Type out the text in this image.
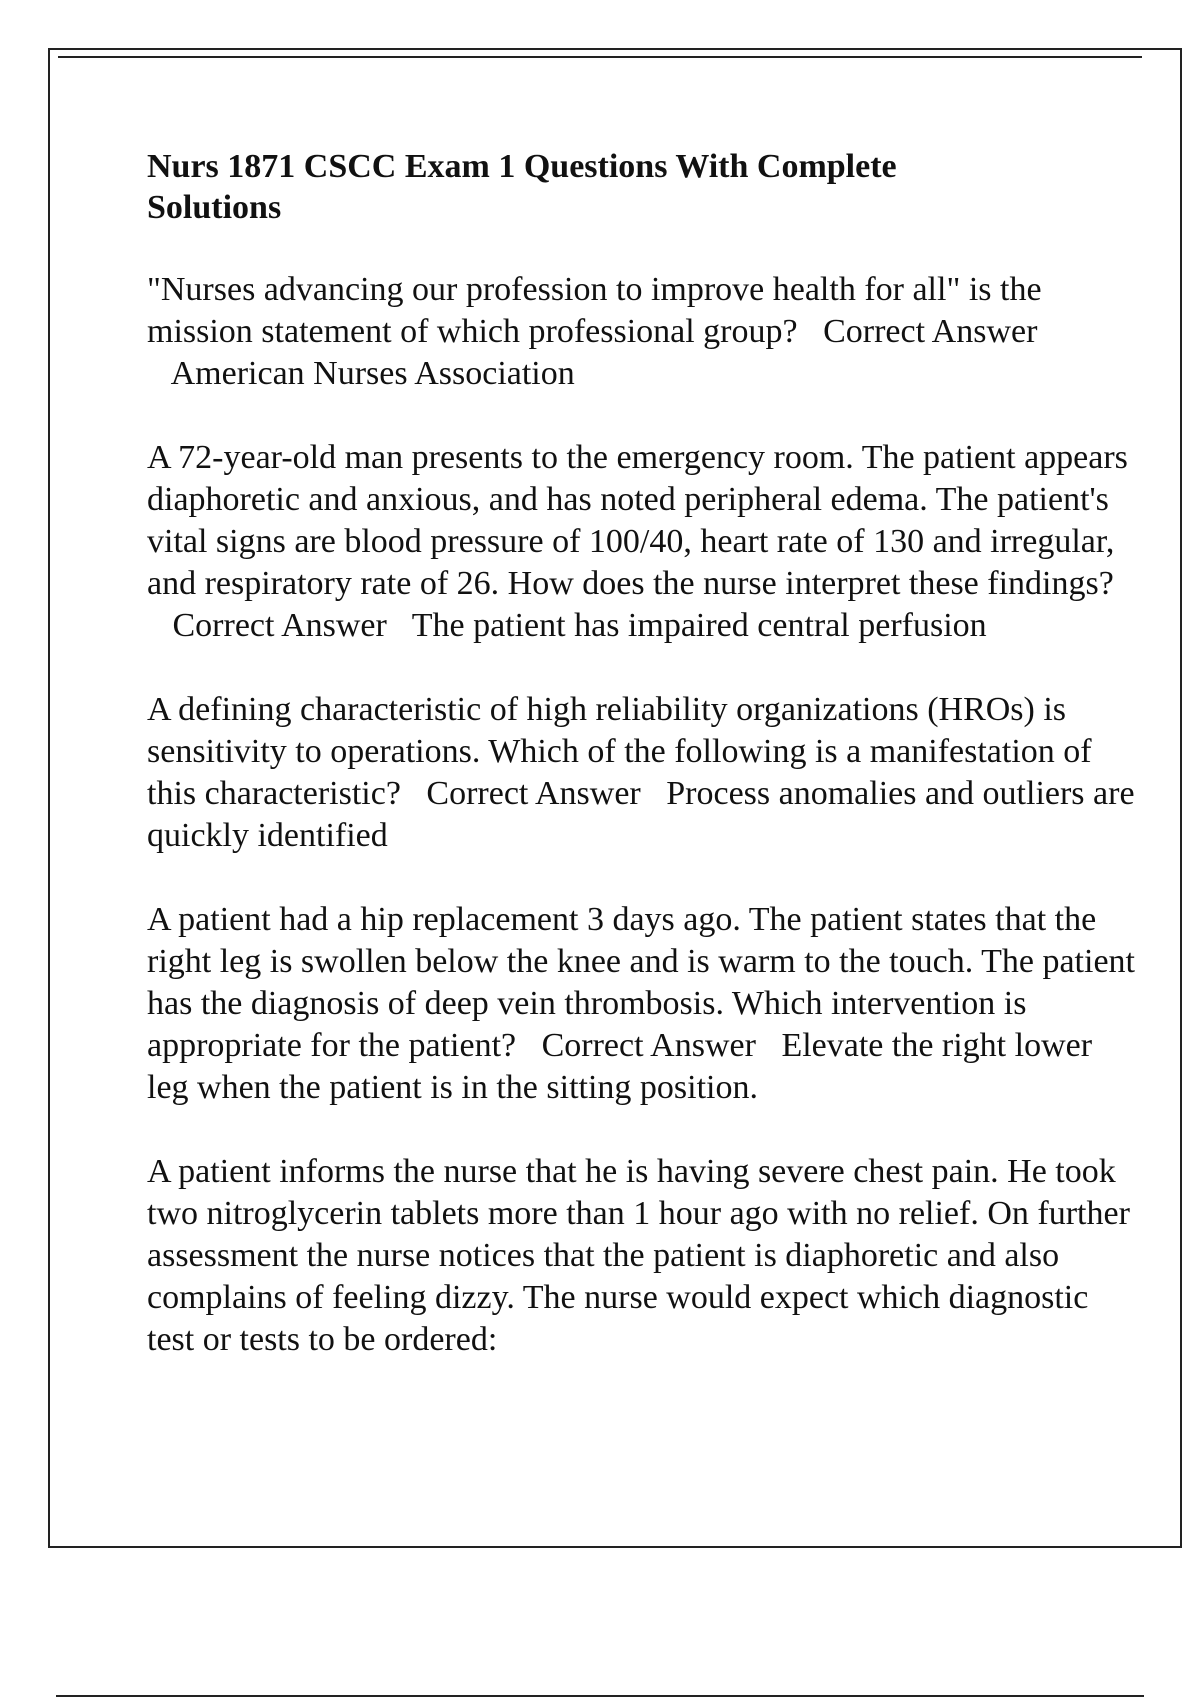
Nurs 1871 CSCC Exam 1 Questions With Complete Solutions
"Nurses advancing our profession to improve health for all" is the mission statement of which professional group? Correct Answer   American Nurses Association
A 72-year-old man presents to the emergency room. The patient appears diaphoretic and anxious, and has noted peripheral edema. The patient's vital signs are blood pressure of 100/40, heart rate of 130 and irregular, and respiratory rate of 26. How does the nurse interpret these findings?   Correct Answer The patient has impaired central perfusion
A defining characteristic of high reliability organizations (HROs) is sensitivity to operations. Which of the following is a manifestation of this characteristic? Correct Answer Process anomalies and outliers are quickly identified
A patient had a hip replacement 3 days ago. The patient states that the right leg is swollen below the knee and is warm to the touch. The patient has the diagnosis of deep vein thrombosis. Which intervention is appropriate for the patient? Correct Answer Elevate the right lower leg when the patient is in the sitting position.
A patient informs the nurse that he is having severe chest pain. He took two nitroglycerin tablets more than 1 hour ago with no relief. On further assessment the nurse notices that the patient is diaphoretic and also complains of feeling dizzy. The nurse would expect which diagnostic test or tests to be ordered:
